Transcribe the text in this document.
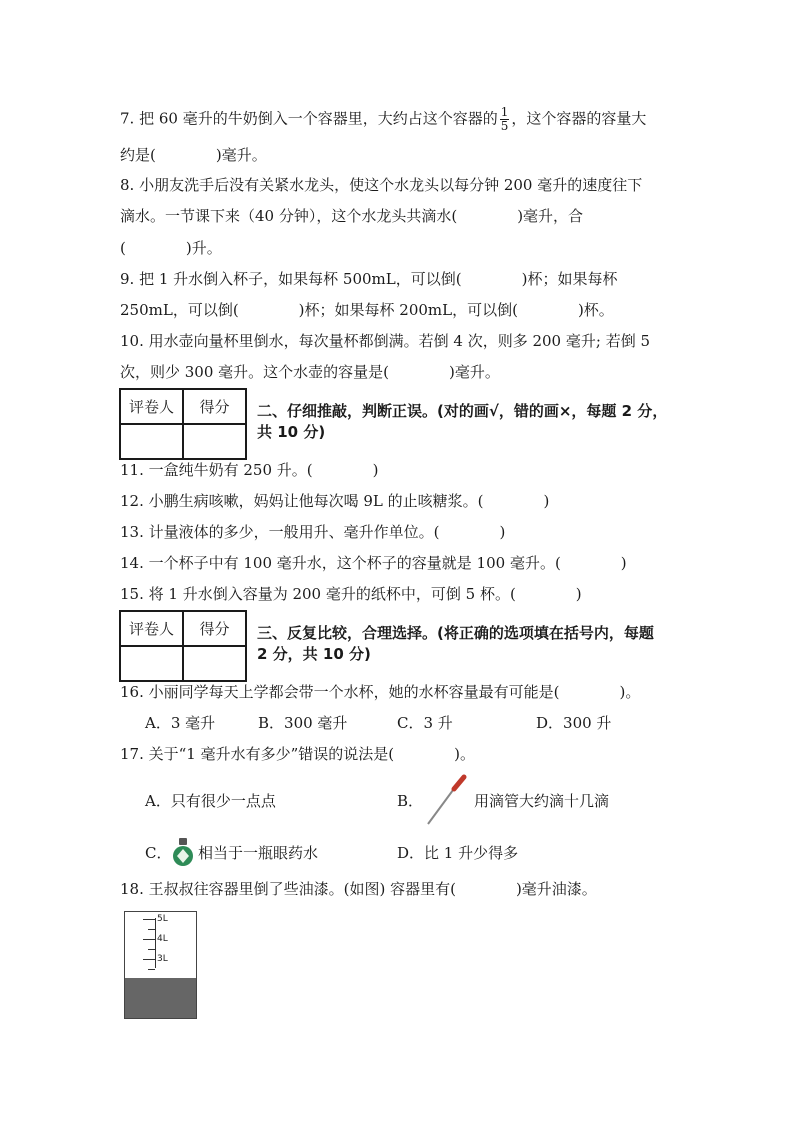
7. 把 60 毫升的牛奶倒入一个容器里，大约占这个容器的 $\frac{1}{5}$ ，这个容器的容量大
约是(　　　　)毫升。
8. 小朋友洗手后没有关紧水龙头，使这个水龙头以每分钟 200 毫升的速度往下
滴水。一节课下来（40 分钟），这个水龙头共滴水(　　　　)毫升，合
(　　　　)升。
9. 把 1 升水倒入杯子，如果每杯 500mL，可以倒(　　　　)杯；如果每杯
250mL，可以倒(　　　　)杯；如果每杯 200mL，可以倒(　　　　)杯。
10. 用水壶向量杯里倒水，每次量杯都倒满。若倒 4 次，则多 200 毫升; 若倒 5
次，则少 300 毫升。这个水壶的容量是(　　　　)毫升。
评卷人	得分
	二、仔细推敲，判断正误。(对的画√，错的画×，每题 2 分，
共 10 分)
11. 一盒纯牛奶有 250 升。(　　　　)
12. 小鹏生病咳嗽，妈妈让他每次喝 9L 的止咳糖浆。(　　　　)
13. 计量液体的多少，一般用升、毫升作单位。(　　　　)
14. 一个杯子中有 100 毫升水，这个杯子的容量就是 100 毫升。(　　　　)
15. 将 1 升水倒入容量为 200 毫升的纸杯中，可倒 5 杯。(　　　　)
评卷人	得分
	三、反复比较，合理选择。(将正确的选项填在括号内，每题
2 分，共 10 分)
16. 小丽同学每天上学都会带一个水杯，她的水杯容量最有可能是(　　　　)。
A．3 毫升	B．300 毫升	C．3 升	D．300 升
17. 关于“1 毫升水有多少”错误的说法是(　　　　)。
A．只有很少一点点	B．	用滴管大约滴十几滴
C． 相当于一瓶眼药水	D．比 1 升少得多
18. 王叔叔往容器里倒了些油漆。(如图) 容器里有(　　　　)毫升油漆。
5L
4L
3L
